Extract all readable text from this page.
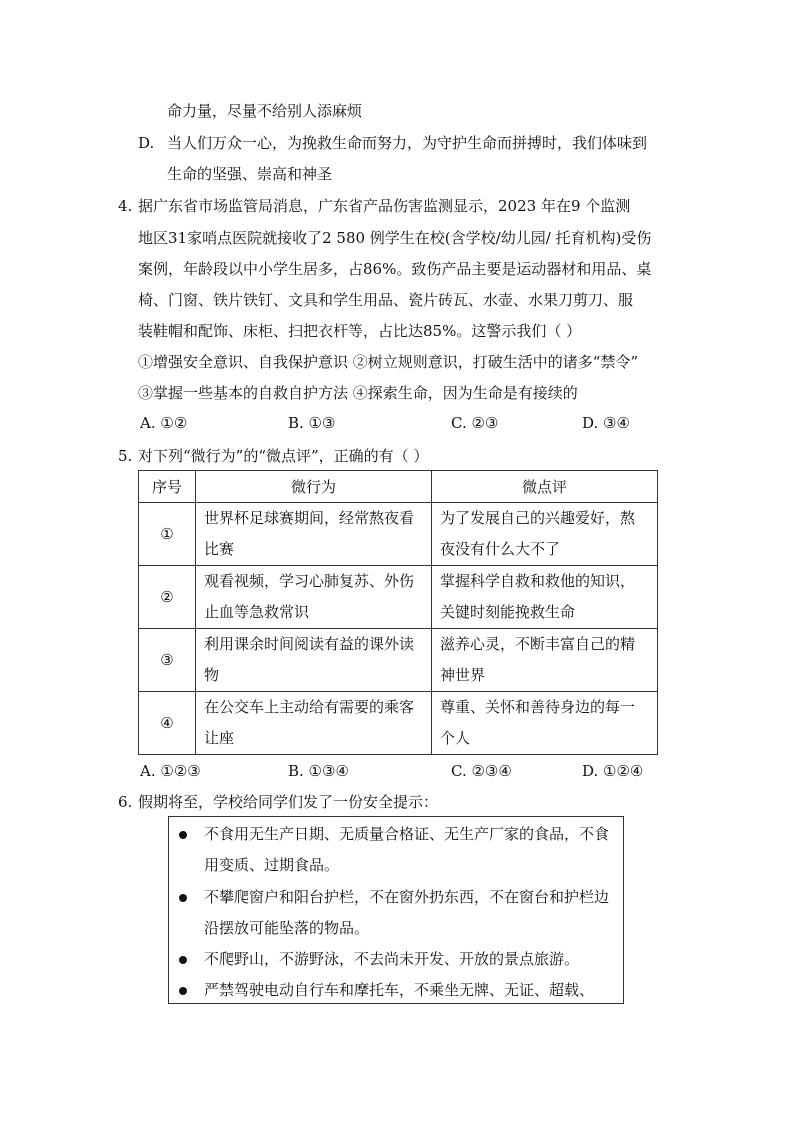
命力量，尽量不给别人添麻烦
D. 当人们万众一心，为挽救生命而努力，为守护生命而拼搏时，我们体味到
生命的坚强、崇高和神圣
4. 据广东省市场监管局消息，广东省产品伤害监测显示，2023 年在9 个监测
地区31家哨点医院就接收了2 580 例学生在校(含学校/幼儿园/ 托育机构)受伤
案例，年龄段以中小学生居多，占86%。致伤产品主要是运动器材和用品、桌
椅、门窗、铁片铁钉、文具和学生用品、瓷片砖瓦、水壶、水果刀剪刀、服
装鞋帽和配饰、床柜、扫把衣杆等，占比达85%。这警示我们（ ）
①增强安全意识、自我保护意识 ②树立规则意识，打破生活中的诸多“禁令”
③掌握一些基本的自救自护方法 ④探索生命，因为生命是有接续的
A. ①②	B. ①③	C. ②③	D. ③④
5. 对下列“微行为”的“微点评”，正确的有（ ）
序号	微行为	微点评
①	世界杯足球赛期间，经常熬夜看比赛	为了发展自己的兴趣爱好，熬夜没有什么大不了
②	观看视频，学习心肺复苏、外伤止血等急救常识	掌握科学自救和救他的知识，关键时刻能挽救生命
③	利用课余时间阅读有益的课外读物	滋养心灵，不断丰富自己的精神世界
④	在公交车上主动给有需要的乘客让座	尊重、关怀和善待身边的每一个人
A. ①②③	B. ①③④	C. ②③④	D. ①②④
6. 假期将至，学校给同学们发了一份安全提示：
不食用无生产日期、无质量合格证、无生产厂家的食品，不食用变质、过期食品。
不攀爬窗户和阳台护栏，不在窗外扔东西，不在窗台和护栏边沿摆放可能坠落的物品。
不爬野山，不游野泳，不去尚未开发、开放的景点旅游。
严禁驾驶电动自行车和摩托车，不乘坐无牌、无证、超载、
